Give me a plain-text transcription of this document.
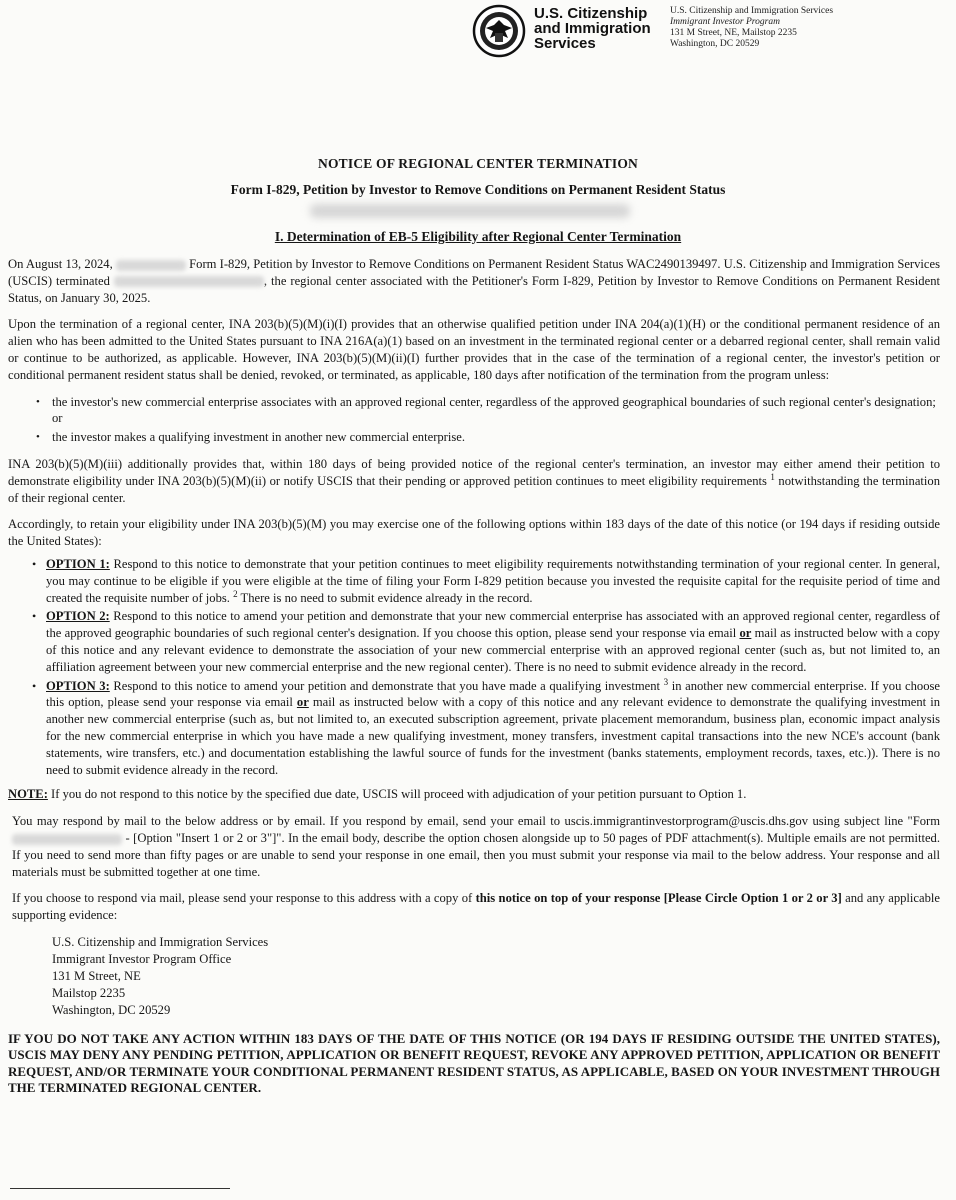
U.S. Citizenship
and Immigration
Services
U.S. Citizenship and Immigration Services
Immigrant Investor Program
131 M Street, NE, Mailstop 2235
Washington, DC 20529
NOTICE OF REGIONAL CENTER TERMINATION
Form I-829, Petition by Investor to Remove Conditions on Permanent Resident Status
I. Determination of EB-5 Eligibility after Regional Center Termination

On August 13, 2024,	Form I-829, Petition by Investor to Remove Conditions on Permanent Resident Status WAC2490139497. U.S. Citizenship and Immigration Services (USCIS) terminated	, the regional center associated with the Petitioner's Form I-829, Petition by Investor to Remove Conditions on Permanent Resident Status, on January 30, 2025.

Upon the termination of a regional center, INA 203(b)(5)(M)(i)(I) provides that an otherwise qualified petition under INA 204(a)(1)(H) or the conditional permanent residence of an alien who has been admitted to the United States pursuant to INA 216A(a)(1) based on an investment in the terminated regional center or a debarred regional center, shall remain valid or continue to be authorized, as applicable. However, INA 203(b)(5)(M)(ii)(I) further provides that in the case of the termination of a regional center, the investor's petition or conditional permanent resident status shall be denied, revoked, or terminated, as applicable, 180 days after notification of the termination from the program unless:

• the investor's new commercial enterprise associates with an approved regional center, regardless of the approved geographical boundaries of such regional center's designation; or
• the investor makes a qualifying investment in another new commercial enterprise.

INA 203(b)(5)(M)(iii) additionally provides that, within 180 days of being provided notice of the regional center's termination, an investor may either amend their petition to demonstrate eligibility under INA 203(b)(5)(M)(ii) or notify USCIS that their pending or approved petition continues to meet eligibility requirements $^1$ notwithstanding the termination of their regional center.

Accordingly, to retain your eligibility under INA 203(b)(5)(M) you may exercise one of the following options within 183 days of the date of this notice (or 194 days if residing outside the United States):

• OPTION 1: Respond to this notice to demonstrate that your petition continues to meet eligibility requirements notwithstanding termination of your regional center. In general, you may continue to be eligible if you were eligible at the time of filing your Form I-829 petition because you invested the requisite capital for the requisite period of time and created the requisite number of jobs. $^2$ There is no need to submit evidence already in the record.
• OPTION 2: Respond to this notice to amend your petition and demonstrate that your new commercial enterprise has associated with an approved regional center, regardless of the approved geographic boundaries of such regional center's designation. If you choose this option, please send your response via email or mail as instructed below with a copy of this notice and any relevant evidence to demonstrate the association of your new commercial enterprise with an approved regional center (such as, but not limited to, an affiliation agreement between your new commercial enterprise and the new regional center). There is no need to submit evidence already in the record.
• OPTION 3: Respond to this notice to amend your petition and demonstrate that you have made a qualifying investment $^3$ in another new commercial enterprise. If you choose this option, please send your response via email or mail as instructed below with a copy of this notice and any relevant evidence to demonstrate the qualifying investment in another new commercial enterprise (such as, but not limited to, an executed subscription agreement, private placement memorandum, business plan, economic impact analysis for the new commercial enterprise in which you have made a new qualifying investment, money transfers, investment capital transactions into the new NCE's account (bank statements, wire transfers, etc.) and documentation establishing the lawful source of funds for the investment (banks statements, employment records, taxes, etc.)). There is no need to submit evidence already in the record.

NOTE: If you do not respond to this notice by the specified due date, USCIS will proceed with adjudication of your petition pursuant to Option 1.

You may respond by mail to the below address or by email. If you respond by email, send your email to uscis.immigrantinvestorprogram@uscis.dhs.gov using subject line "Form  - [Option "Insert 1 or 2 or 3"]". In the email body, describe the option chosen alongside up to 50 pages of PDF attachment(s). Multiple emails are not permitted. If you need to send more than fifty pages or are unable to send your response in one email, then you must submit your response via mail to the below address. Your response and all materials must be submitted together at one time.

If you choose to respond via mail, please send your response to this address with a copy of this notice on top of your response [Please Circle Option 1 or 2 or 3] and any applicable supporting evidence:

U.S. Citizenship and Immigration Services
Immigrant Investor Program Office
131 M Street, NE
Mailstop 2235
Washington, DC 20529

IF YOU DO NOT TAKE ANY ACTION WITHIN 183 DAYS OF THE DATE OF THIS NOTICE (OR 194 DAYS IF RESIDING OUTSIDE THE UNITED STATES), USCIS MAY DENY ANY PENDING PETITION, APPLICATION OR BENEFIT REQUEST, REVOKE ANY APPROVED PETITION, APPLICATION OR BENEFIT REQUEST, AND/OR TERMINATE YOUR CONDITIONAL PERMANENT RESIDENT STATUS, AS APPLICABLE, BASED ON YOUR INVESTMENT THROUGH THE TERMINATED REGIONAL CENTER.
